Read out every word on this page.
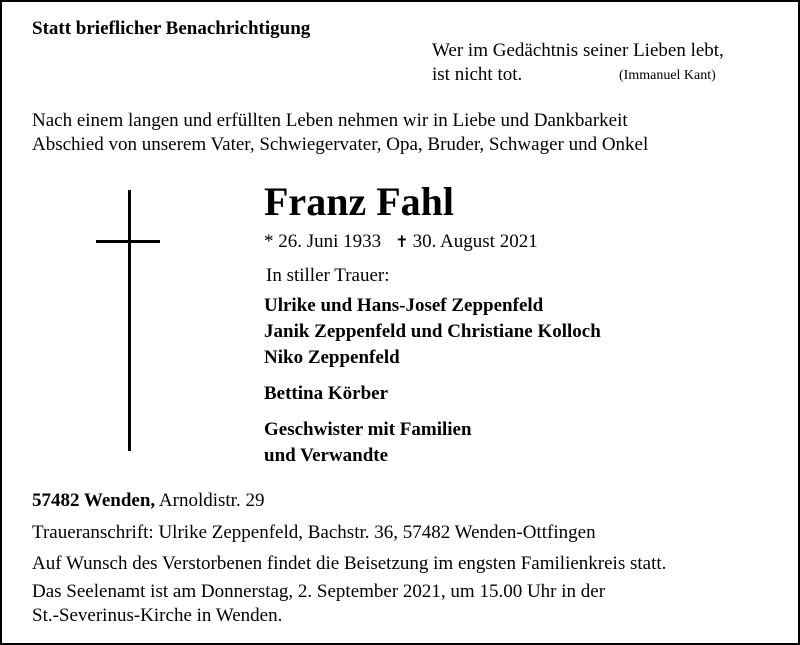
Statt brieflicher Benachrichtigung
Wer im Gedächtnis seiner Lieben lebt,
ist nicht tot.	(Immanuel Kant)
Nach einem langen und erfüllten Leben nehmen wir in Liebe und Dankbarkeit
Abschied von unserem Vater, Schwiegervater, Opa, Bruder, Schwager und Onkel
Franz Fahl
* 26. Juni 1933 ✝ 30. August 2021
In stiller Trauer:
Ulrike und Hans-Josef Zeppenfeld
Janik Zeppenfeld und Christiane Kolloch
Niko Zeppenfeld
Bettina Körber
Geschwister mit Familien
und Verwandte
57482 Wenden, Arnoldistr. 29
Traueranschrift: Ulrike Zeppenfeld, Bachstr. 36, 57482 Wenden-Ottfingen
Auf Wunsch des Verstorbenen findet die Beisetzung im engsten Familienkreis statt.
Das Seelenamt ist am Donnerstag, 2. September 2021, um 15.00 Uhr in der
St.-Severinus-Kirche in Wenden.
